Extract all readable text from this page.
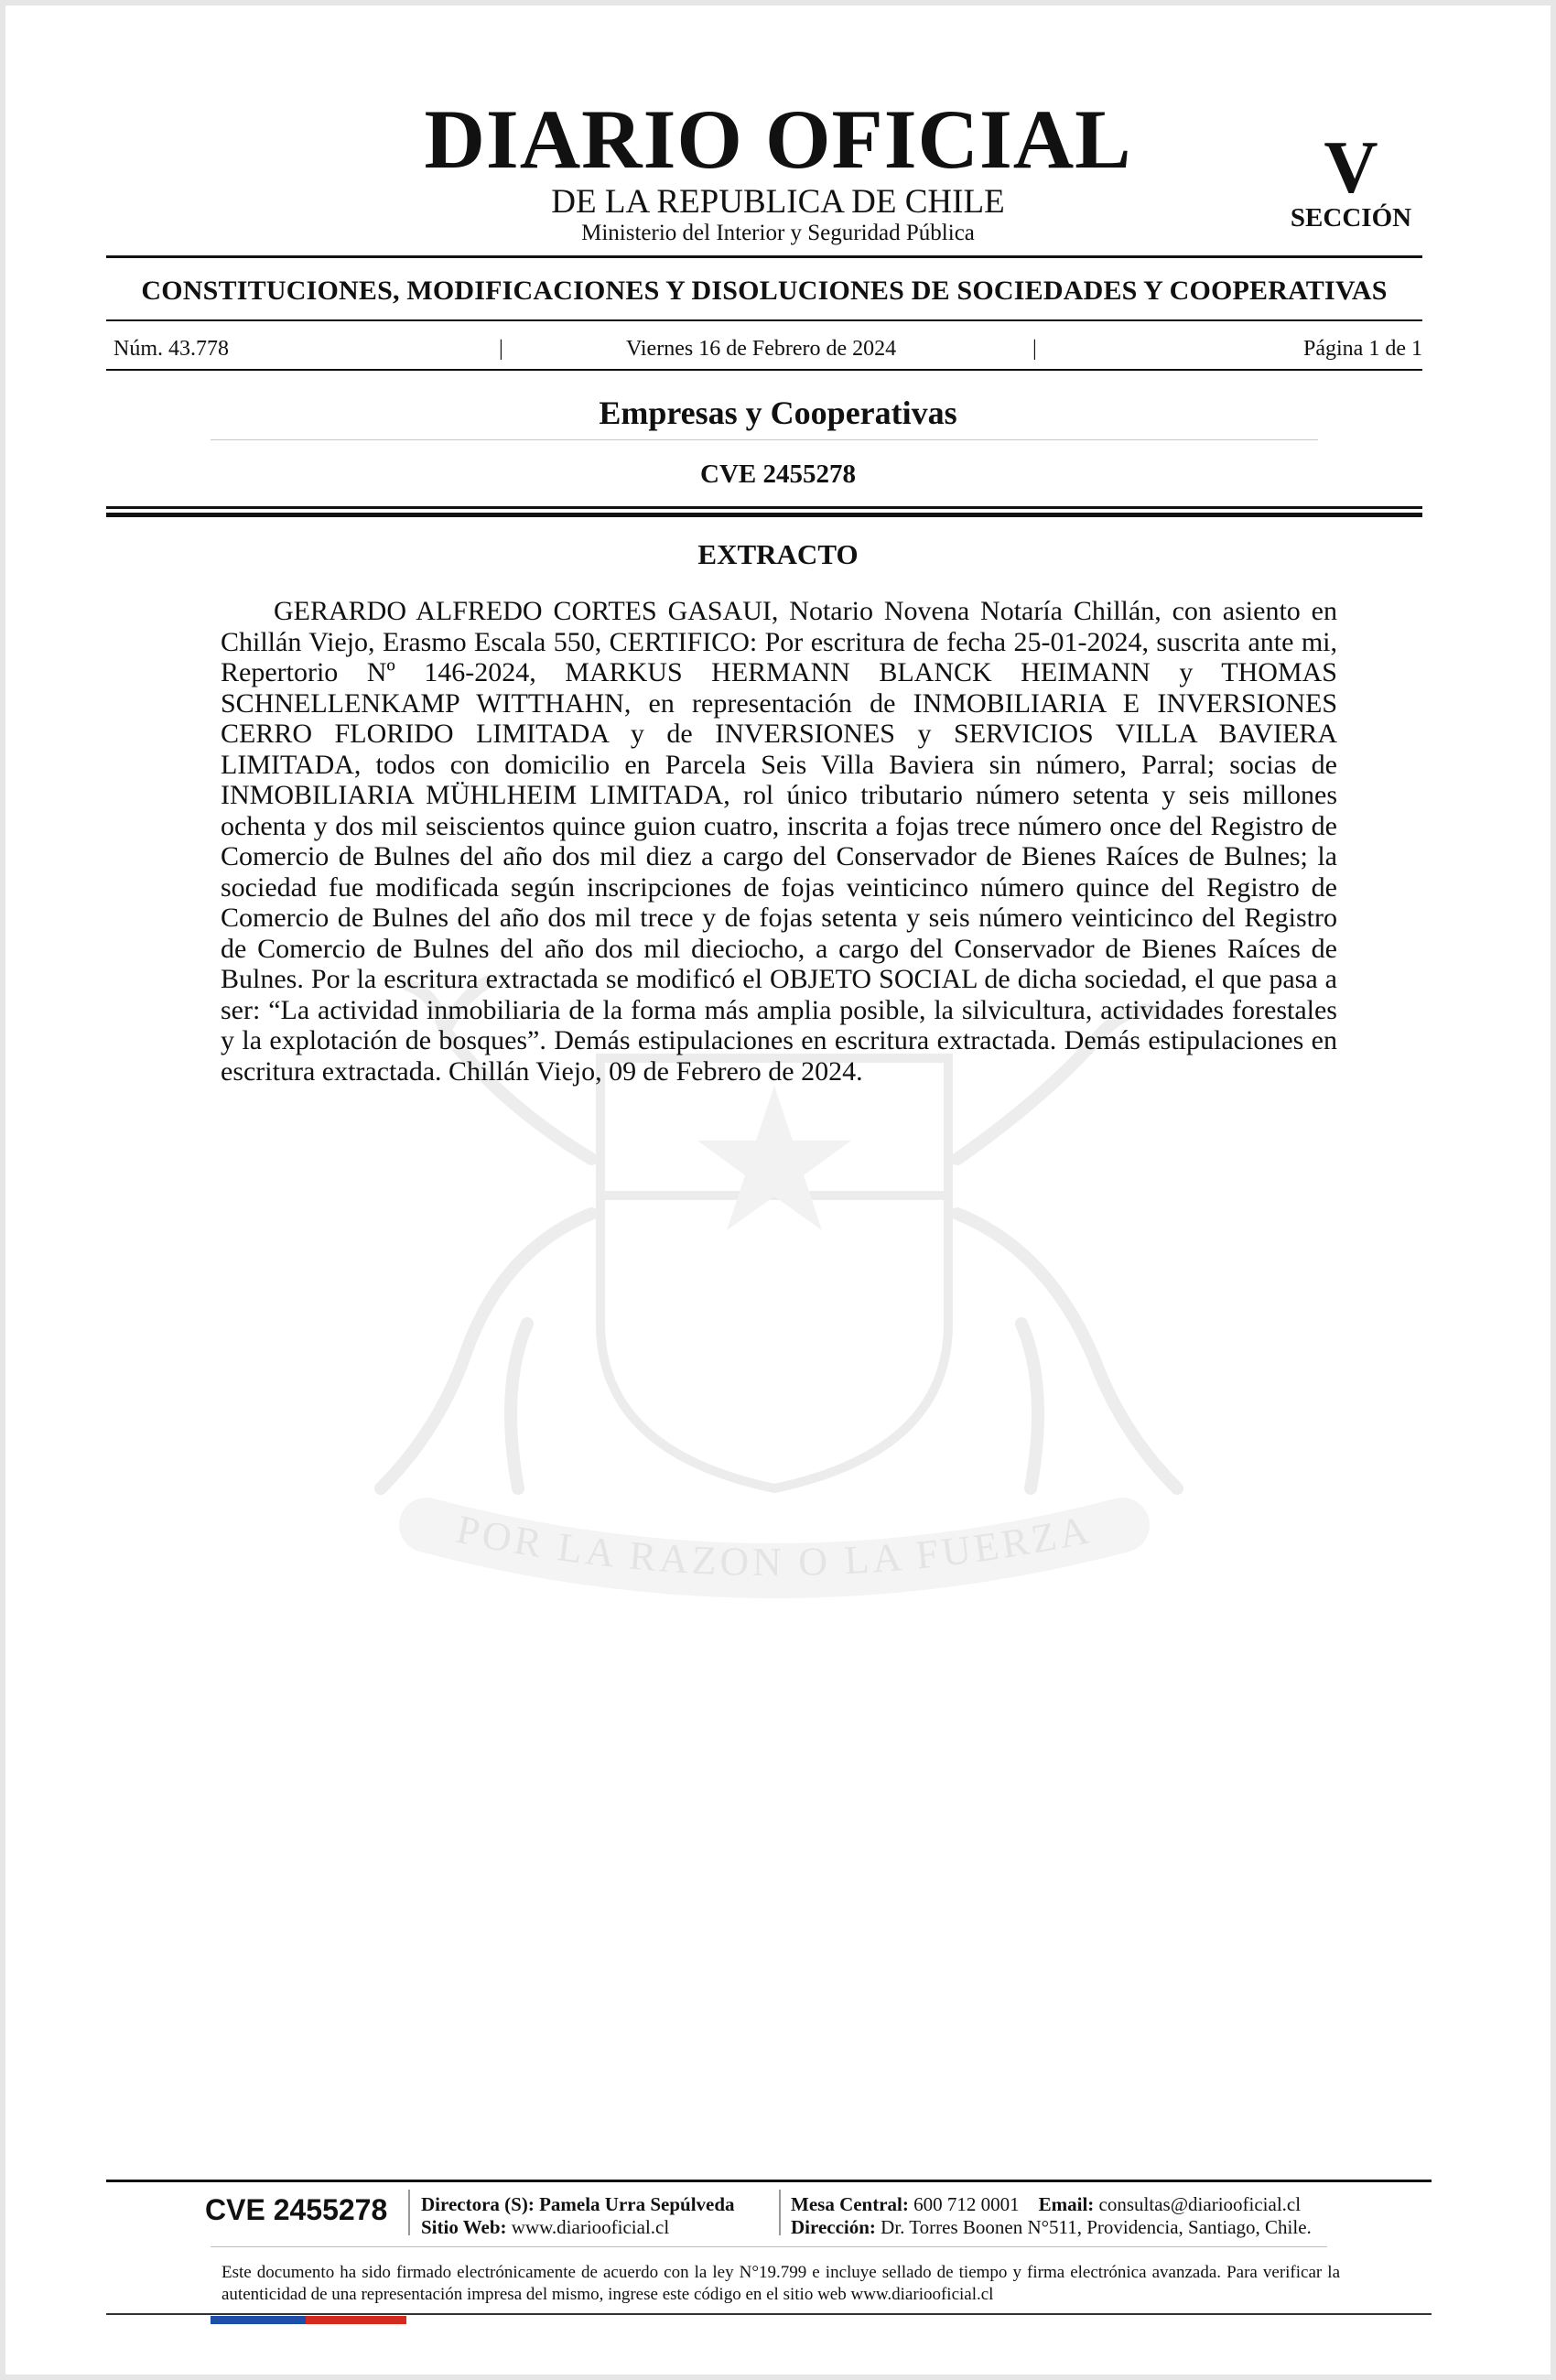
DIARIO OFICIAL
DE LA REPUBLICA DE CHILE
Ministerio del Interior y Seguridad Pública
V
SECCIÓN
CONSTITUCIONES, MODIFICACIONES Y DISOLUCIONES DE SOCIEDADES Y COOPERATIVAS
Núm. 43.778	|	Viernes 16 de Febrero de 2024	|	Página 1 de 1
Empresas y Cooperativas
CVE 2455278
POR LA RAZON O LA FUERZA
EXTRACTO

GERARDO ALFREDO CORTES GASAUI, Notario Novena Notaría Chillán, con asiento en Chillán Viejo, Erasmo Escala 550, CERTIFICO: Por escritura de fecha 25-01-2024, suscrita ante mi, Repertorio Nº 146-2024, MARKUS HERMANN BLANCK HEIMANN y THOMAS SCHNELLENKAMP WITTHAHN, en representación de INMOBILIARIA E INVERSIONES CERRO FLORIDO LIMITADA y de INVERSIONES y SERVICIOS VILLA BAVIERA LIMITADA, todos con domicilio en Parcela Seis Villa Baviera sin número, Parral; socias de INMOBILIARIA MÜHLHEIM LIMITADA, rol único tributario número setenta y seis millones ochenta y dos mil seiscientos quince guion cuatro, inscrita a fojas trece número once del Registro de Comercio de Bulnes del año dos mil diez a cargo del Conservador de Bienes Raíces de Bulnes; la sociedad fue modificada según inscripciones de fojas veinticinco número quince del Registro de Comercio de Bulnes del año dos mil trece y de fojas setenta y seis número veinticinco del Registro de Comercio de Bulnes del año dos mil dieciocho, a cargo del Conservador de Bienes Raíces de Bulnes. Por la escritura extractada se modificó el OBJETO SOCIAL de dicha sociedad, el que pasa a ser: “La actividad inmobiliaria de la forma más amplia posible, la silvicultura, actividades forestales y la explotación de bosques”. Demás estipulaciones en escritura extractada. Demás estipulaciones en escritura extractada. Chillán Viejo, 09 de Febrero de 2024.

CVE 2455278 Directora (S): Pamela Urra Sepúlveda
Sitio Web: www.diariooficial.cl
Mesa Central: 600 712 0001 Email: consultas@diariooficial.cl
Dirección: Dr. Torres Boonen N°511, Providencia, Santiago, Chile.

Este documento ha sido firmado electrónicamente de acuerdo con la ley N°19.799 e incluye sellado de tiempo y firma electrónica avanzada. Para verificar la autenticidad de una representación impresa del mismo, ingrese este código en el sitio web www.diariooficial.cl
